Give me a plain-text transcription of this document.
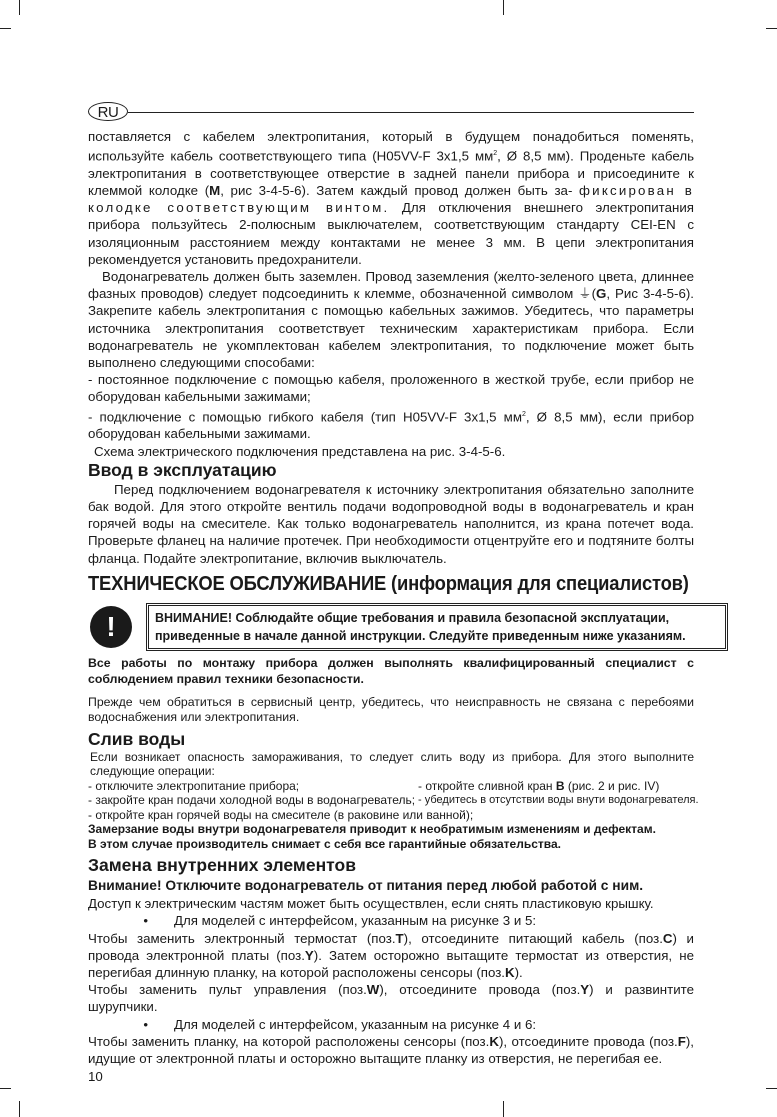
RU

поставляется с кабелем электропитания, который в будущем понадобиться поменять, используйте кабель соответствующего типа (H05VV-F 3x1,5 $мм^2$, Ø 8,5 мм). Проденьте кабель электропитания в соответствующее отверстие в задней панели прибора и присоедините к клеммой колодке (M, рис 3-4-5-6). Затем каждый провод должен быть за- фиксирован в колодке соответствующим винтом. Для отключения внешнего электропитания прибора пользуйтесь 2-полюсным выключателем, соответствующим стандарту CEI-EN с изоляционным расстоянием между контактами не менее 3 мм. В цепи электропитания рекомендуется установить предохранители.

Водонагреватель должен быть заземлен. Провод заземления (желто-зеленого цвета, длиннее фазных проводов) следует подсоединить к клемме, обозначенной символом ⏚(G, Рис 3-4-5-6). Закрепите кабель электропитания с помощью кабельных зажимов. Убедитесь, что параметры источника электропитания соответствует техническим характеристикам прибора. Если водонагреватель не укомплектован кабелем электропитания, то подключение может быть выполнено следующими способами:

- постоянное подключение с помощью кабеля, проложенного в жесткой трубе, если прибор не оборудован кабельными зажимами;

- подключение с помощью гибкого кабеля (тип H05VV-F 3x1,5 $мм^2$, Ø 8,5 мм), если прибор оборудован кабельными зажимами.

Схема электрического подключения представлена на рис. 3-4-5-6.

Ввод в эксплуатацию

Перед подключением водонагревателя к источнику электропитания обязательно заполните бак водой. Для этого откройте вентиль подачи водопроводной воды в водонагреватель и кран горячей воды на смесителе. Как только водонагреватель наполнится, из крана потечет вода. Проверьте фланец на наличие протечек. При необходимости отцентруйте его и подтяните болты фланца. Подайте электропитание, включив выключатель.

ТЕХНИЧЕСКОЕ ОБСЛУЖИВАНИЕ (информация для специалистов)
!	ВНИМАНИЕ! Соблюдайте общие требования и правила безопасной эксплуатации,

приведенные в начале данной инструкции. Следуйте приведенным ниже указаниям.

Все работы по монтажу прибора должен выполнять квалифицированный специалист с соблюдением правил техники безопасности.

Прежде чем обратиться в сервисный центр, убедитесь, что неисправность не связана с перебоями водоснабжения или электропитания.

Слив воды

Если возникает опасность замораживания, то следует слить воду из прибора. Для этого выполните следующие операции:

- отключите электропитание прибора;
- закройте кран подачи холодной воды в водонагреватель;
- откройте кран горячей воды на смесителе (в раковине или ванной);
- откройте сливной кран B (рис. 2 и рис. IV)
- убедитесь в отсутствии воды внути водонагревателя.

Замерзание воды внутри водонагревателя приводит к необратимым изменениям и дефектам.

В этом случае производитель снимает с себя все гарантийные обязательства.

Замена внутренних элементов

Внимание! Отключите водонагреватель от питания перед любой работой с ним.

Доступ к электрическим частям может быть осуществлен, если снять пластиковую крышку.

•	Для моделей с интерфейсом, указанным на рисунке 3 и 5:

Чтобы заменить электронный термостат (поз.T), отсоедините питающий кабель (поз.C) и провода электронной платы (поз.Y). Затем осторожно вытащите термостат из отверстия, не перегибая длинную планку, на которой расположены сенсоры (поз.K).

Чтобы заменить пульт управления (поз.W), отсоедините провода (поз.Y) и развинтите шурупчики.

•	Для моделей с интерфейсом, указанным на рисунке 4 и 6:

Чтобы заменить планку, на которой расположены сенсоры (поз.K), отсоедините провода (поз.F), идущие от электронной платы и осторожно вытащите планку из отверстия, не перегибая ее.

10
